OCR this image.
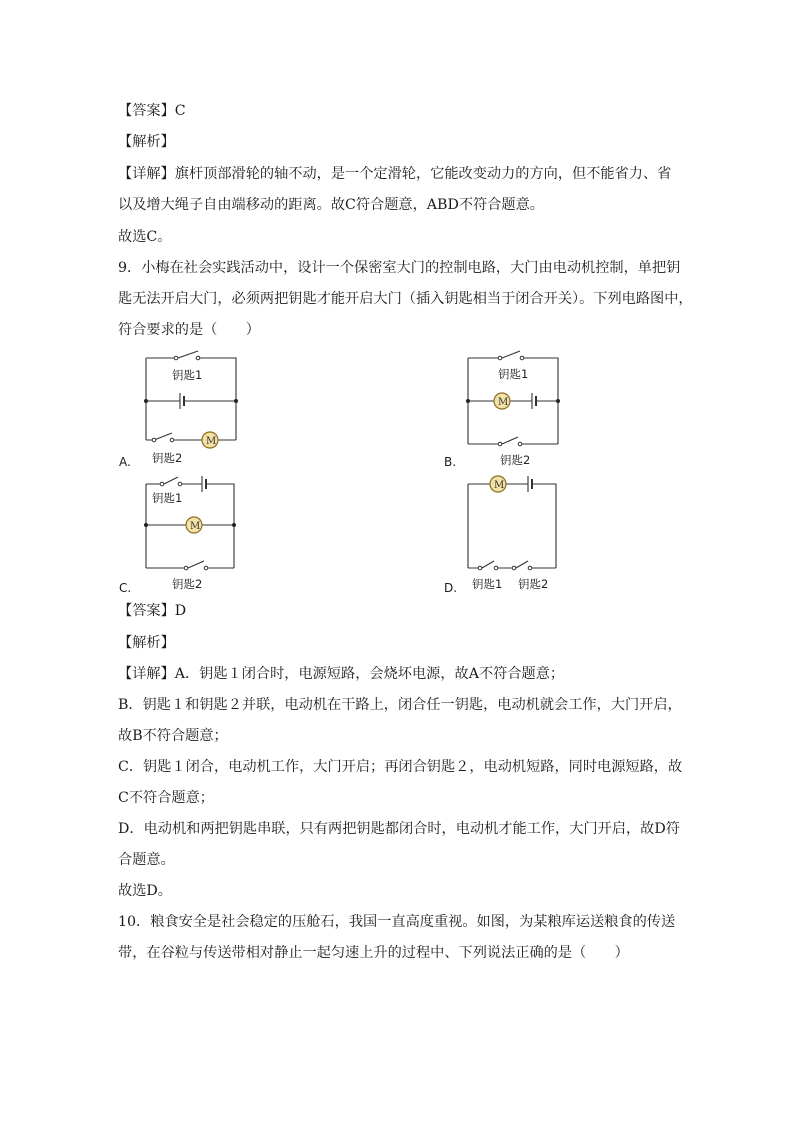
【答案】C
【解析】
【详解】旗杆顶部滑轮的轴不动，是一个定滑轮，它能改变动力的方向，但不能省力、省
以及增大绳子自由端移动的距离。故C符合题意，ABD不符合题意。
故选C。
9．小梅在社会实践活动中，设计一个保密室大门的控制电路，大门由电动机控制，单把钥
匙无法开启大门，必须两把钥匙才能开启大门（插入钥匙相当于闭合开关）。下列电路图中，
符合要求的是（　　）
A.
M
钥匙1
钥匙2	B.
M
钥匙1
钥匙2
C.
M
钥匙1
钥匙2	D.
M
钥匙1 钥匙2
【答案】D
【解析】
【详解】A．钥匙１闭合时，电源短路，会烧坏电源，故A不符合题意；
B．钥匙１和钥匙２并联，电动机在干路上，闭合任一钥匙，电动机就会工作，大门开启，
故B不符合题意；
C．钥匙１闭合，电动机工作，大门开启；再闭合钥匙２，电动机短路，同时电源短路，故
C不符合题意；
D．电动机和两把钥匙串联，只有两把钥匙都闭合时，电动机才能工作，大门开启，故D符
合题意。
故选D。
10．粮食安全是社会稳定的压舱石，我国一直高度重视。如图，为某粮库运送粮食的传送
带，在谷粒与传送带相对静止一起匀速上升的过程中、下列说法正确的是（　　）
